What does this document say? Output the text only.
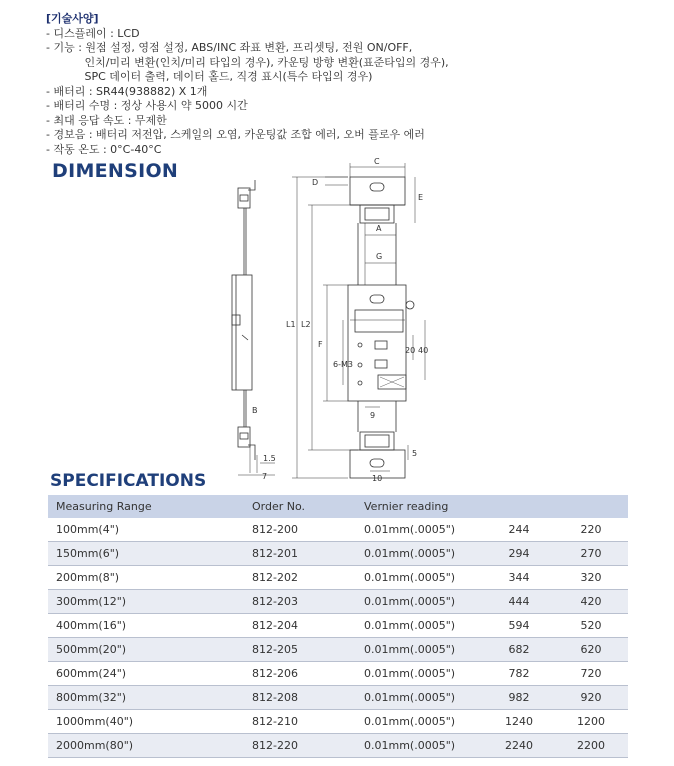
[기술사양]
- 디스플레이 : LCD
- 기능 : 원점 설정, 영점 설정, ABS/INC 좌표 변환, 프리셋팅, 전원 ON/OFF,
인치/미리 변환(인치/미리 타입의 경우), 카운팅 방향 변환(표준타입의 경우),
SPC 데이터 출력, 데이터 홀드, 직경 표시(특수 타입의 경우)
- 배터리 : SR44(938882) X 1개
- 배터리 수명 : 정상 사용시 약 5000 시간
- 최대 응답 속도 : 무제한
- 경보음 : 배터리 저전압, 스케일의 오염, 카운팅값 조합 에러, 오버 플로우 에러
- 작동 온도 : 0°C-40°C
DIMENSION
B
1.5
7
C
D
E
A
G
L1 L2
F
6-M3
20 40
9
5
10
SPECIFICATIONS
Measuring Range	Order No.	Vernier reading		
100mm(4")	812-200	0.01mm(.0005")	244	220
150mm(6")	812-201	0.01mm(.0005")	294	270
200mm(8")	812-202	0.01mm(.0005")	344	320
300mm(12")	812-203	0.01mm(.0005")	444	420
400mm(16")	812-204	0.01mm(.0005")	594	520
500mm(20")	812-205	0.01mm(.0005")	682	620
600mm(24")	812-206	0.01mm(.0005")	782	720
800mm(32")	812-208	0.01mm(.0005")	982	920
1000mm(40")	812-210	0.01mm(.0005")	1240	1200
2000mm(80")	812-220	0.01mm(.0005")	2240	2200
